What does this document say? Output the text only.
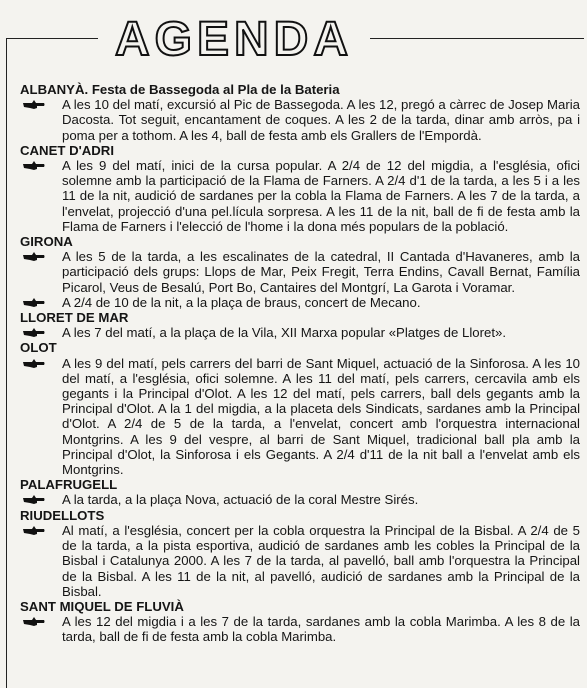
AGENDA

ALBANYÀ. Festa de Bassegoda al Pla de la Bateria

A les 10 del matí, excursió al Pic de Bassegoda. A les 12, pregó a càrrec de Josep Maria Dacosta. Tot seguit, encantament de coques. A les 2 de la tarda, dinar amb arròs, pa i poma per a tothom. A les 4, ball de festa amb els Grallers de l'Empordà.

CANET D'ADRI

A les 9 del matí, inici de la cursa popular. A 2/4 de 12 del migdia, a l'església, ofici solemne amb la participació de la Flama de Farners. A 2/4 d'1 de la tarda, a les 5 i a les 11 de la nit, audició de sardanes per la cobla la Flama de Farners. A les 7 de la tarda, a l'envelat, projecció d'una pel.lícula sorpresa. A les 11 de la nit, ball de fi de festa amb la Flama de Farners i l'elecció de l'home i la dona més populars de la població.

GIRONA

A les 5 de la tarda, a les escalinates de la catedral, II Cantada d'Havaneres, amb la participació dels grups: Llops de Mar, Peix Fregit, Terra Endins, Cavall Bernat, Família Picarol, Veus de Besalú, Port Bo, Cantaires del Montgrí, La Garota i Voramar.

A 2/4 de 10 de la nit, a la plaça de braus, concert de Mecano.

LLORET DE MAR

A les 7 del matí, a la plaça de la Vila, XII Marxa popular «Platges de Lloret».

OLOT

A les 9 del matí, pels carrers del barri de Sant Miquel, actuació de la Sinforosa. A les 10 del matí, a l'església, ofici solemne. A les 11 del matí, pels carrers, cercavila amb els gegants i la Principal d'Olot. A les 12 del matí, pels carrers, ball dels gegants amb la Principal d'Olot. A la 1 del migdia, a la placeta dels Sindicats, sardanes amb la Principal d'Olot. A 2/4 de 5 de la tarda, a l'envelat, concert amb l'orquestra internacional Montgrins. A les 9 del vespre, al barri de Sant Miquel, tradicional ball pla amb la Principal d'Olot, la Sinforosa i els Gegants. A 2/4 d'11 de la nit ball a l'envelat amb els Montgrins.

PALAFRUGELL

A la tarda, a la plaça Nova, actuació de la coral Mestre Sirés.

RIUDELLOTS

Al matí, a l'església, concert per la cobla orquestra la Principal de la Bisbal. A 2/4 de 5 de la tarda, a la pista esportiva, audició de sardanes amb les cobles la Principal de la Bisbal i Catalunya 2000. A les 7 de la tarda, al pavelló, ball amb l'orquestra la Principal de la Bisbal. A les 11 de la nit, al pavelló, audició de sardanes amb la Principal de la Bisbal.

SANT MIQUEL DE FLUVIÀ

A les 12 del migdia i a les 7 de la tarda, sardanes amb la cobla Marimba. A les 8 de la tarda, ball de fi de festa amb la cobla Marimba.
